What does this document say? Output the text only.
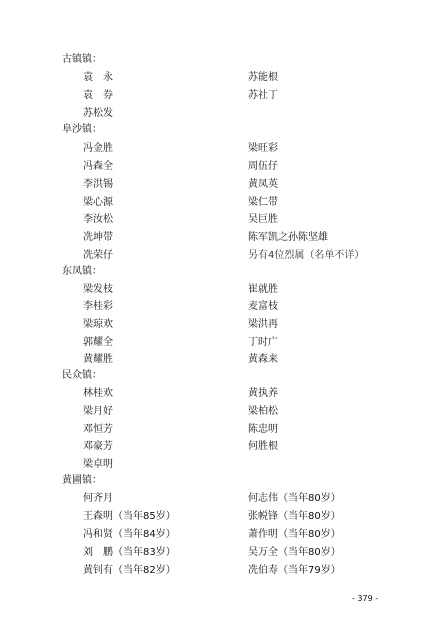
古镇镇：
袁　永	苏能根
袁　券	苏社丁
苏松发
阜沙镇：
冯金胜	梁旺彩
冯森全	周伍仔
李洪锡	黄凤英
梁心源	梁仁带
李汝松	吴巨胜
冼坤带	陈军凯之孙陈坚雄
冼荣仔	另有4位烈属（名单不详）
东凤镇：
梁发枝	崔就胜
李桂彩	麦富枝
梁琼欢	梁洪再
郭耀全	丁时广
黄耀胜	黄森来
民众镇：
林桂欢	黄执养
梁月好	梁柏松
邓恒芳	陈忠明
邓豪芳	何胜根
梁卓明
黄圃镇：
何齐月	何志伟（当年80岁）
王森明（当年85岁）	张帨锋（当年80岁）
冯和贤（当年84岁）	萧作明（当年80岁）
刘　鹏（当年83岁）	吴万全（当年80岁）
黄钊有（当年82岁）	冼伯寿（当年79岁）
- 379 -
